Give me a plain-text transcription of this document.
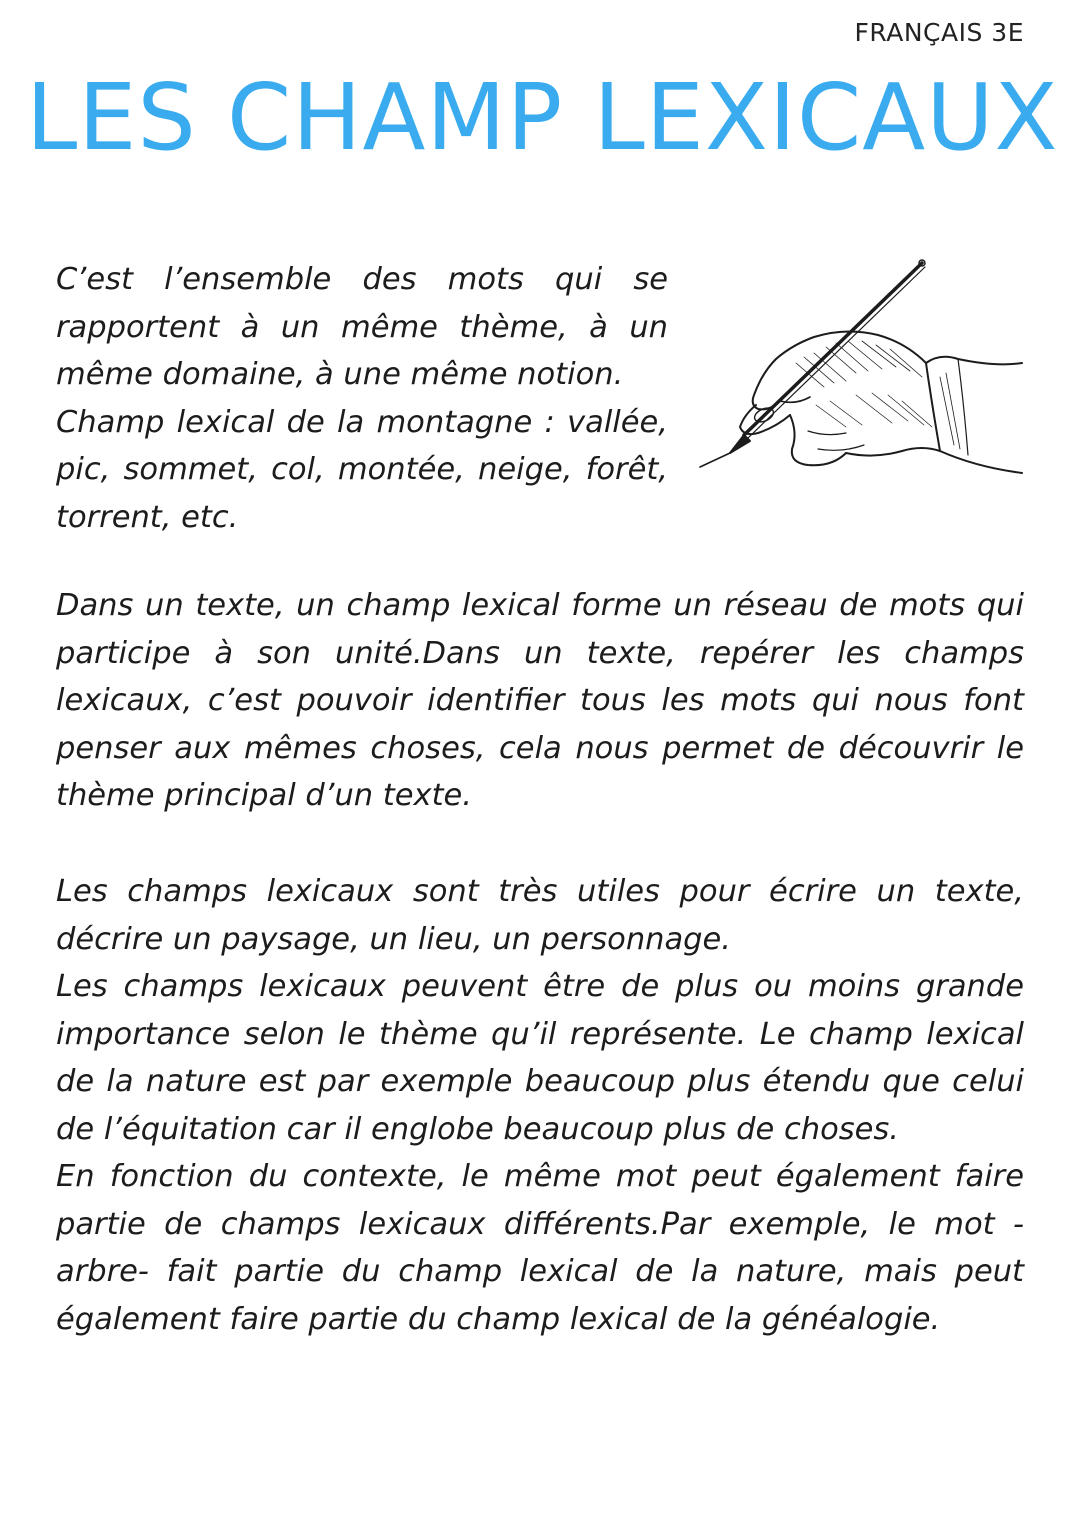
FRANÇAIS 3E
LES CHAMP LEXICAUX

C’est l’ensemble des mots qui se rapportent à un même thème, à un même domaine, à une même notion.

Champ lexical de la montagne : vallée, pic, sommet, col, montée, neige, forêt, torrent, etc.

Dans un texte, un champ lexical forme un réseau de mots qui participe à son unité.Dans un texte, repérer les champs lexicaux, c’est pouvoir identifier tous les mots qui nous font penser aux mêmes choses, cela nous permet de découvrir le thème principal d’un texte.

Les champs lexicaux sont très utiles pour écrire un texte, décrire un paysage, un lieu, un personnage.

Les champs lexicaux peuvent être de plus ou moins grande importance selon le thème qu’il représente. Le champ lexical de la nature est par exemple beaucoup plus étendu que celui de l’équitation car il englobe beaucoup plus de choses.

En fonction du contexte, le même mot peut également faire partie de champs lexicaux différents.Par exemple, le mot -arbre- fait partie du champ lexical de la nature, mais peut également faire partie du champ lexical de la généalogie.
